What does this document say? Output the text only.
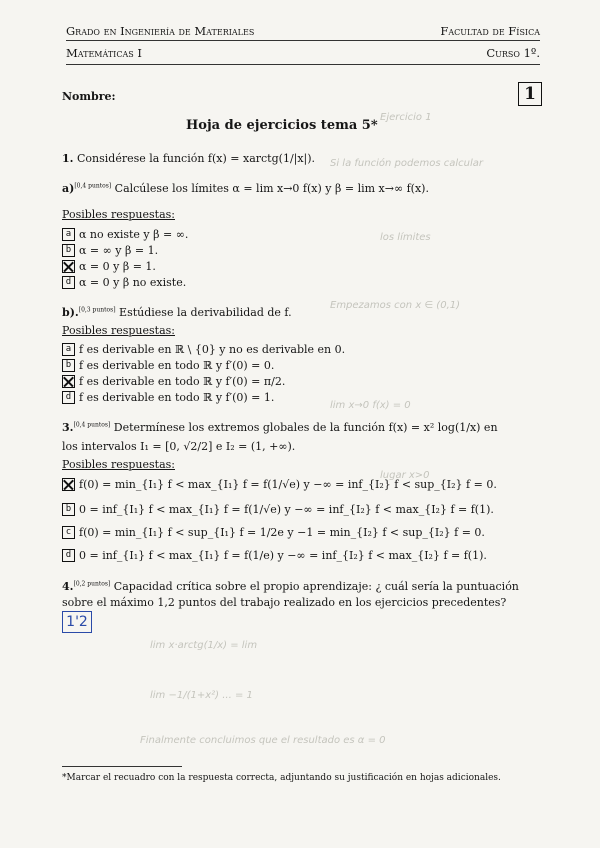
Grado en Ingeniería de Materiales	Facultad de Física
Matemáticas I	Curso 1º.
Nombre:	1
Hoja de ejercicios tema 5*
Ejercicio 1
Si la función podemos calcular
los límites
Empezamos con x ∈ (0,1)
lim x→0 f(x) = 0
lugar x>0
lim x·arctg(1/x) = lim
lim −1/(1+x²) ... = 1
Finalmente concluimos que el resultado es α = 0
1. Considérese la función f(x) = xarctg(1/|x|).
a)[0,4 puntos] Calcúlese los límites α = lim x→0 f(x) y β = lim x→∞ f(x).
Posibles respuestas:
a α no existe y β = ∞.
b α = ∞ y β = 1.
α = 0 y β = 1.
d α = 0 y β no existe.
b).[0,3 puntos] Estúdiese la derivabilidad de f.
Posibles respuestas:
a f es derivable en ℝ \ {0} y no es derivable en 0.
b f es derivable en todo ℝ y f′(0) = 0.
f es derivable en todo ℝ y f′(0) = π/2.
d f es derivable en todo ℝ y f′(0) = 1.
3.[0,4 puntos] Determínese los extremos globales de la función f(x) = x² log(1/x) en
los intervalos I₁ = [0, √2/2] e I₂ = (1, +∞).
Posibles respuestas:
f(0) = min_{I₁} f < max_{I₁} f = f(1/√e) y −∞ = inf_{I₂} f < sup_{I₂} f = 0.
b 0 = inf_{I₁} f < max_{I₁} f = f(1/√e) y −∞ = inf_{I₂} f < max_{I₂} f = f(1).
c f(0) = min_{I₁} f < sup_{I₁} f = 1/2e y −1 = min_{I₂} f < sup_{I₂} f = 0.
d 0 = inf_{I₁} f < max_{I₁} f = f(1/e) y −∞ = inf_{I₂} f < max_{I₂} f = f(1).
4.[0,2 puntos] Capacidad crítica sobre el propio aprendizaje: ¿ cuál sería la puntuación
sobre el máximo 1,2 puntos del trabajo realizado en los ejercicios precedentes?
1'2
*Marcar el recuadro con la respuesta correcta, adjuntando su justificación en hojas adicionales.
